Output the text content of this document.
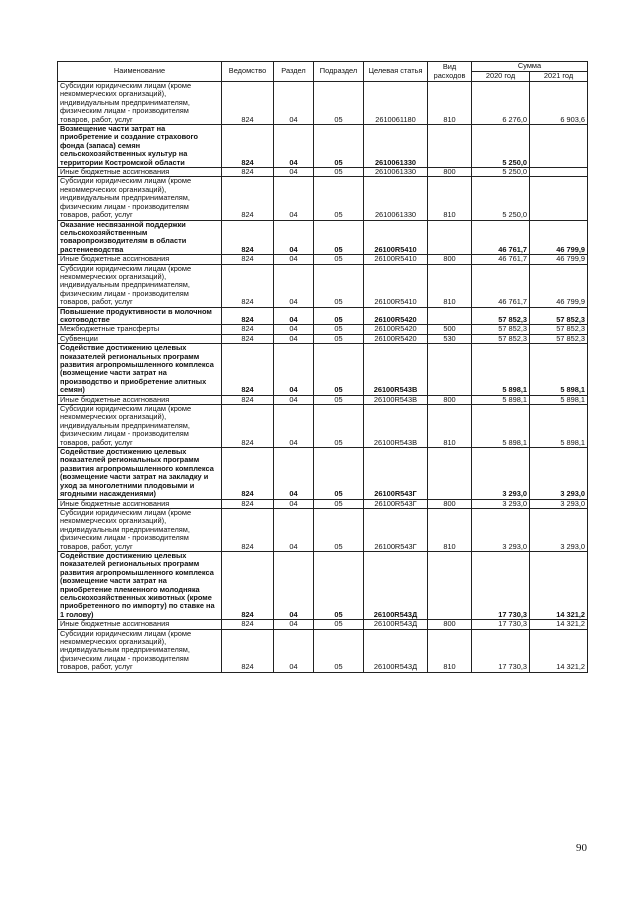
Наименование	Ведомство	Раздел	Подраздел	Целевая статья	Вид расходов	Сумма	
						2020 год	2021 год
Субсидии юридическим лицам (кроме некоммерческих организаций), индивидуальным предпринимателям, физическим лицам - производителям товаров, работ, услуг	824	04	05	2610061180	810	6 276,0	6 903,6
Возмещение части затрат на приобретение и создание страхового фонда (запаса) семян сельскохозяйственных культур на территории Костромской области	824	04	05	2610061330		5 250,0	
Иные бюджетные ассигнования	824	04	05	2610061330	800	5 250,0	
Субсидии юридическим лицам (кроме некоммерческих организаций), индивидуальным предпринимателям, физическим лицам - производителям товаров, работ, услуг	824	04	05	2610061330	810	5 250,0	
Оказание несвязанной поддержки сельскохозяйственным товаропроизводителям в области растениеводства	824	04	05	26100R5410		46 761,7	46 799,9
Иные бюджетные ассигнования	824	04	05	26100R5410	800	46 761,7	46 799,9
Субсидии юридическим лицам (кроме некоммерческих организаций), индивидуальным предпринимателям, физическим лицам - производителям товаров, работ, услуг	824	04	05	26100R5410	810	46 761,7	46 799,9
Повышение продуктивности в молочном скотоводстве	824	04	05	26100R5420		57 852,3	57 852,3
Межбюджетные трансферты	824	04	05	26100R5420	500	57 852,3	57 852,3
Субвенции	824	04	05	26100R5420	530	57 852,3	57 852,3
Содействие достижению целевых показателей региональных программ развития агропромышленного комплекса (возмещение части затрат на производство и приобретение элитных семян)	824	04	05	26100R543В		5 898,1	5 898,1
Иные бюджетные ассигнования	824	04	05	26100R543В	800	5 898,1	5 898,1
Субсидии юридическим лицам (кроме некоммерческих организаций), индивидуальным предпринимателям, физическим лицам - производителям товаров, работ, услуг	824	04	05	26100R543В	810	5 898,1	5 898,1
Содействие достижению целевых показателей региональных программ развития агропромышленного комплекса (возмещение части затрат на закладку и уход за многолетними плодовыми и ягодными насаждениями)	824	04	05	26100R543Г		3 293,0	3 293,0
Иные бюджетные ассигнования	824	04	05	26100R543Г	800	3 293,0	3 293,0
Субсидии юридическим лицам (кроме некоммерческих организаций), индивидуальным предпринимателям, физическим лицам - производителям товаров, работ, услуг	824	04	05	26100R543Г	810	3 293,0	3 293,0
Содействие достижению целевых показателей региональных программ развития агропромышленного комплекса (возмещение части затрат на приобретение племенного молодняка сельскохозяйственных животных (кроме приобретенного по импорту) по ставке на 1 голову)	824	04	05	26100R543Д		17 730,3	14 321,2
Иные бюджетные ассигнования	824	04	05	26100R543Д	800	17 730,3	14 321,2
Субсидии юридическим лицам (кроме некоммерческих организаций), индивидуальным предпринимателям, физическим лицам - производителям товаров, работ, услуг	824	04	05	26100R543Д	810	17 730,3	14 321,2
90
